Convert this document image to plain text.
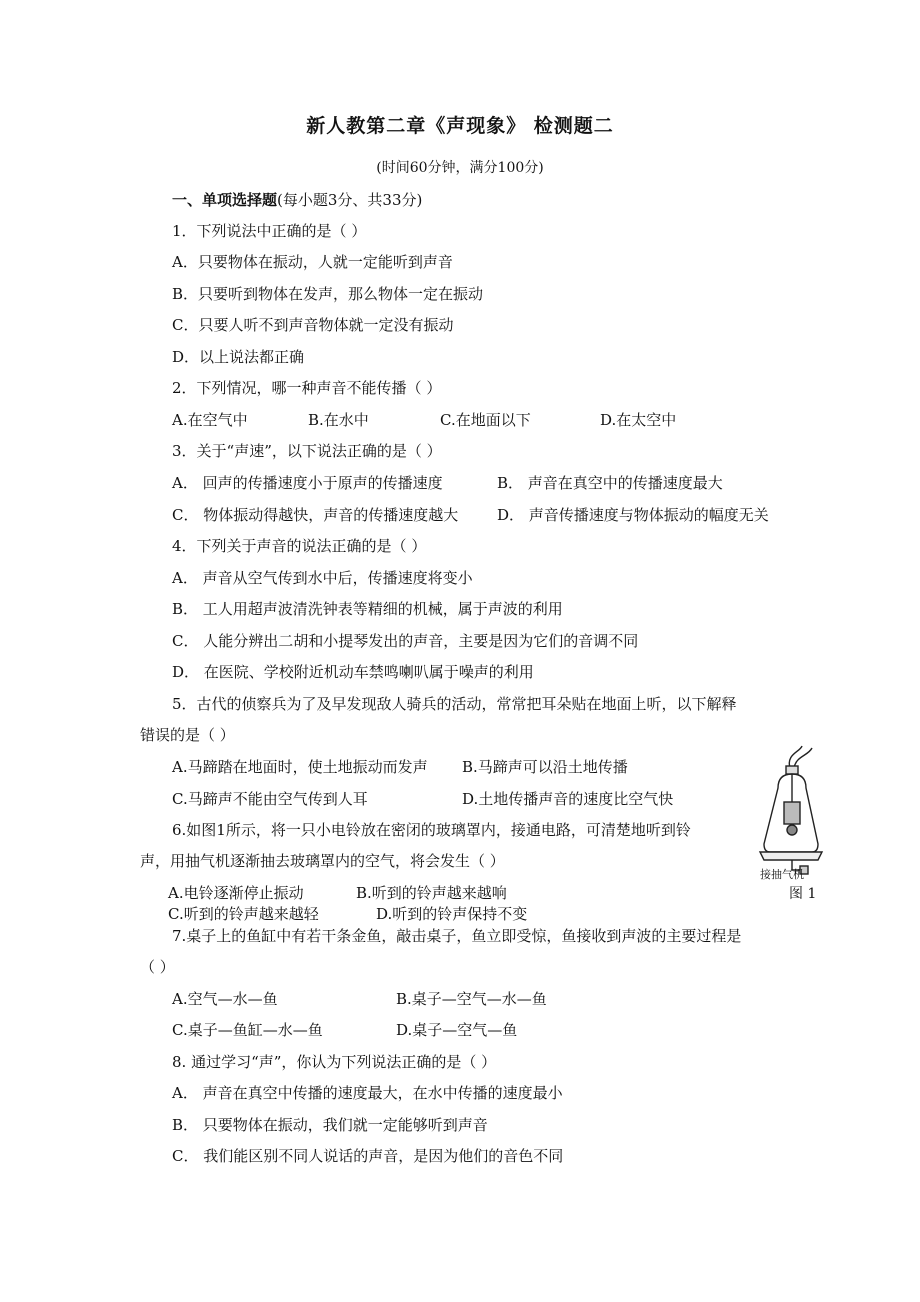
新人教第二章《声现象》 检测题二
(时间60分钟，满分100分)
一、单项选择题(每小题3分、共33分)
1．下列说法中正确的是（ ）
A．只要物体在振动，人就一定能听到声音
B．只要听到物体在发声，那么物体一定在振动
C．只要人听不到声音物体就一定没有振动
D．以上说法都正确
2．下列情况，哪一种声音不能传播（ ）
A.在空气中	B.在水中	C.在地面以下	D.在太空中
3．关于“声速”，以下说法正确的是（ ）
A． 回声的传播速度小于原声的传播速度	B． 声音在真空中的传播速度最大
C． 物体振动得越快，声音的传播速度越大	D． 声音传播速度与物体振动的幅度无关
4．下列关于声音的说法正确的是（ ）
A． 声音从空气传到水中后，传播速度将变小
B． 工人用超声波清洗钟表等精细的机械，属于声波的利用
C． 人能分辨出二胡和小提琴发出的声音，主要是因为它们的音调不同
D． 在医院、学校附近机动车禁鸣喇叭属于噪声的利用
5．古代的侦察兵为了及早发现敌人骑兵的活动，常常把耳朵贴在地面上听，以下解释
错误的是（ ）
A.马蹄踏在地面时，使土地振动而发声 B.马蹄声可以沿土地传播
C.马蹄声不能由空气传到人耳	D.土地传播声音的速度比空气快
6.如图1所示，将一只小电铃放在密闭的玻璃罩内，接通电路，可清楚地听到铃
声，用抽气机逐渐抽去玻璃罩内的空气，将会发生（ ）
A.电铃逐渐停止振动	B.听到的铃声越来越响
C.听到的铃声越来越轻	D.听到的铃声保持不变
接抽气机
图 1
7.桌子上的鱼缸中有若干条金鱼，敲击桌子，鱼立即受惊，鱼接收到声波的主要过程是
（ ）
A.空气—水—鱼	B.桌子—空气—水—鱼
C.桌子—鱼缸—水—鱼	D.桌子—空气—鱼
8. 通过学习“声”，你认为下列说法正确的是（ ）
A． 声音在真空中传播的速度最大，在水中传播的速度最小
B． 只要物体在振动，我们就一定能够听到声音
C． 我们能区别不同人说话的声音，是因为他们的音色不同
